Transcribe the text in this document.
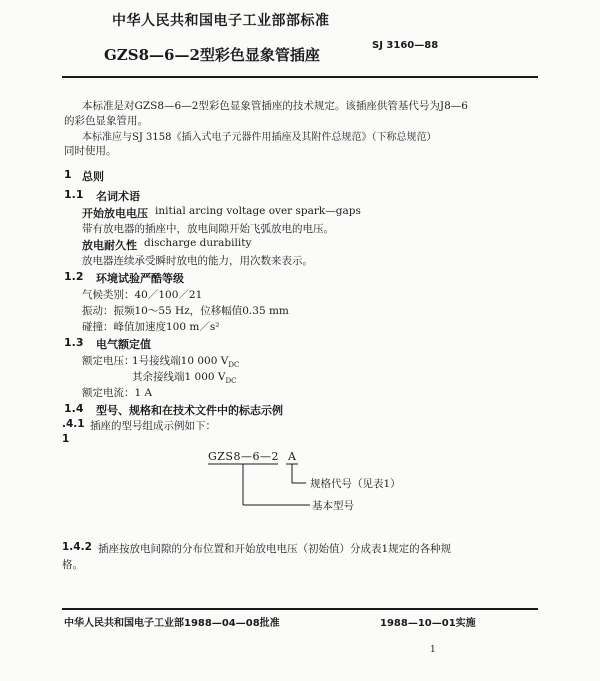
中华人民共和国电子工业部部标准
GZS8—6—2型彩色显象管插座
SJ 3160—88
本标准是对GZS8—6—2型彩色显象管插座的技术规定。该插座供管基代号为J8—6
的彩色显象管用。
本标准应与SJ 3158《插入式电子元器件用插座及其附件总规范》（下称总规范）
同时使用。
1 总则
1.1 名词术语
开始放电电压 initial arcing voltage over spark—gaps
带有放电器的插座中，放电间隙开始飞弧放电的电压。
放电耐久性 discharge durability
放电器连续承受瞬时放电的能力，用次数来表示。
1.2 环境试验严酷等级
气候类别：40／100／21
振动：振频10～55 Hz，位移幅值0.35 mm
碰撞：峰值加速度100 m／s²
1.3 电气额定值
额定电压：
1号接线端10 000 $V_{DC}$
其余接线端1 000 $V_{DC}$
额定电流：1 A
1.4 型号、规格和在技术文件中的标志示例
.4.1 插座的型号组成示例如下：
1
GZS8—6—2 A
规格代号（见表1）
基本型号
1.4.2 插座按放电间隙的分布位置和开始放电电压（初始值）分成表1规定的各种规
格。
中华人民共和国电子工业部1988—04—08批准	1988—10—01实施
1
